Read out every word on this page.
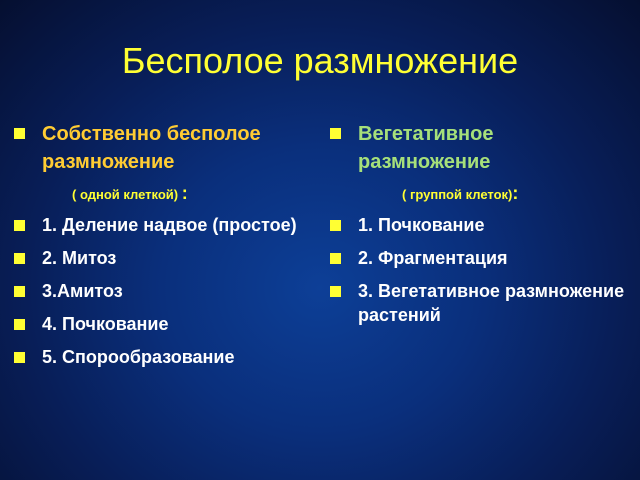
Бесполое размножение
Собственно бесполое размножение
( одной клеткой) :
1. Деление надвое (простое)
2. Митоз
3.Амитоз
4. Почкование
5. Спорообразование
Вегетативное размножение
( группой клеток):
1. Почкование
2. Фрагментация
3. Вегетативное размножение растений
